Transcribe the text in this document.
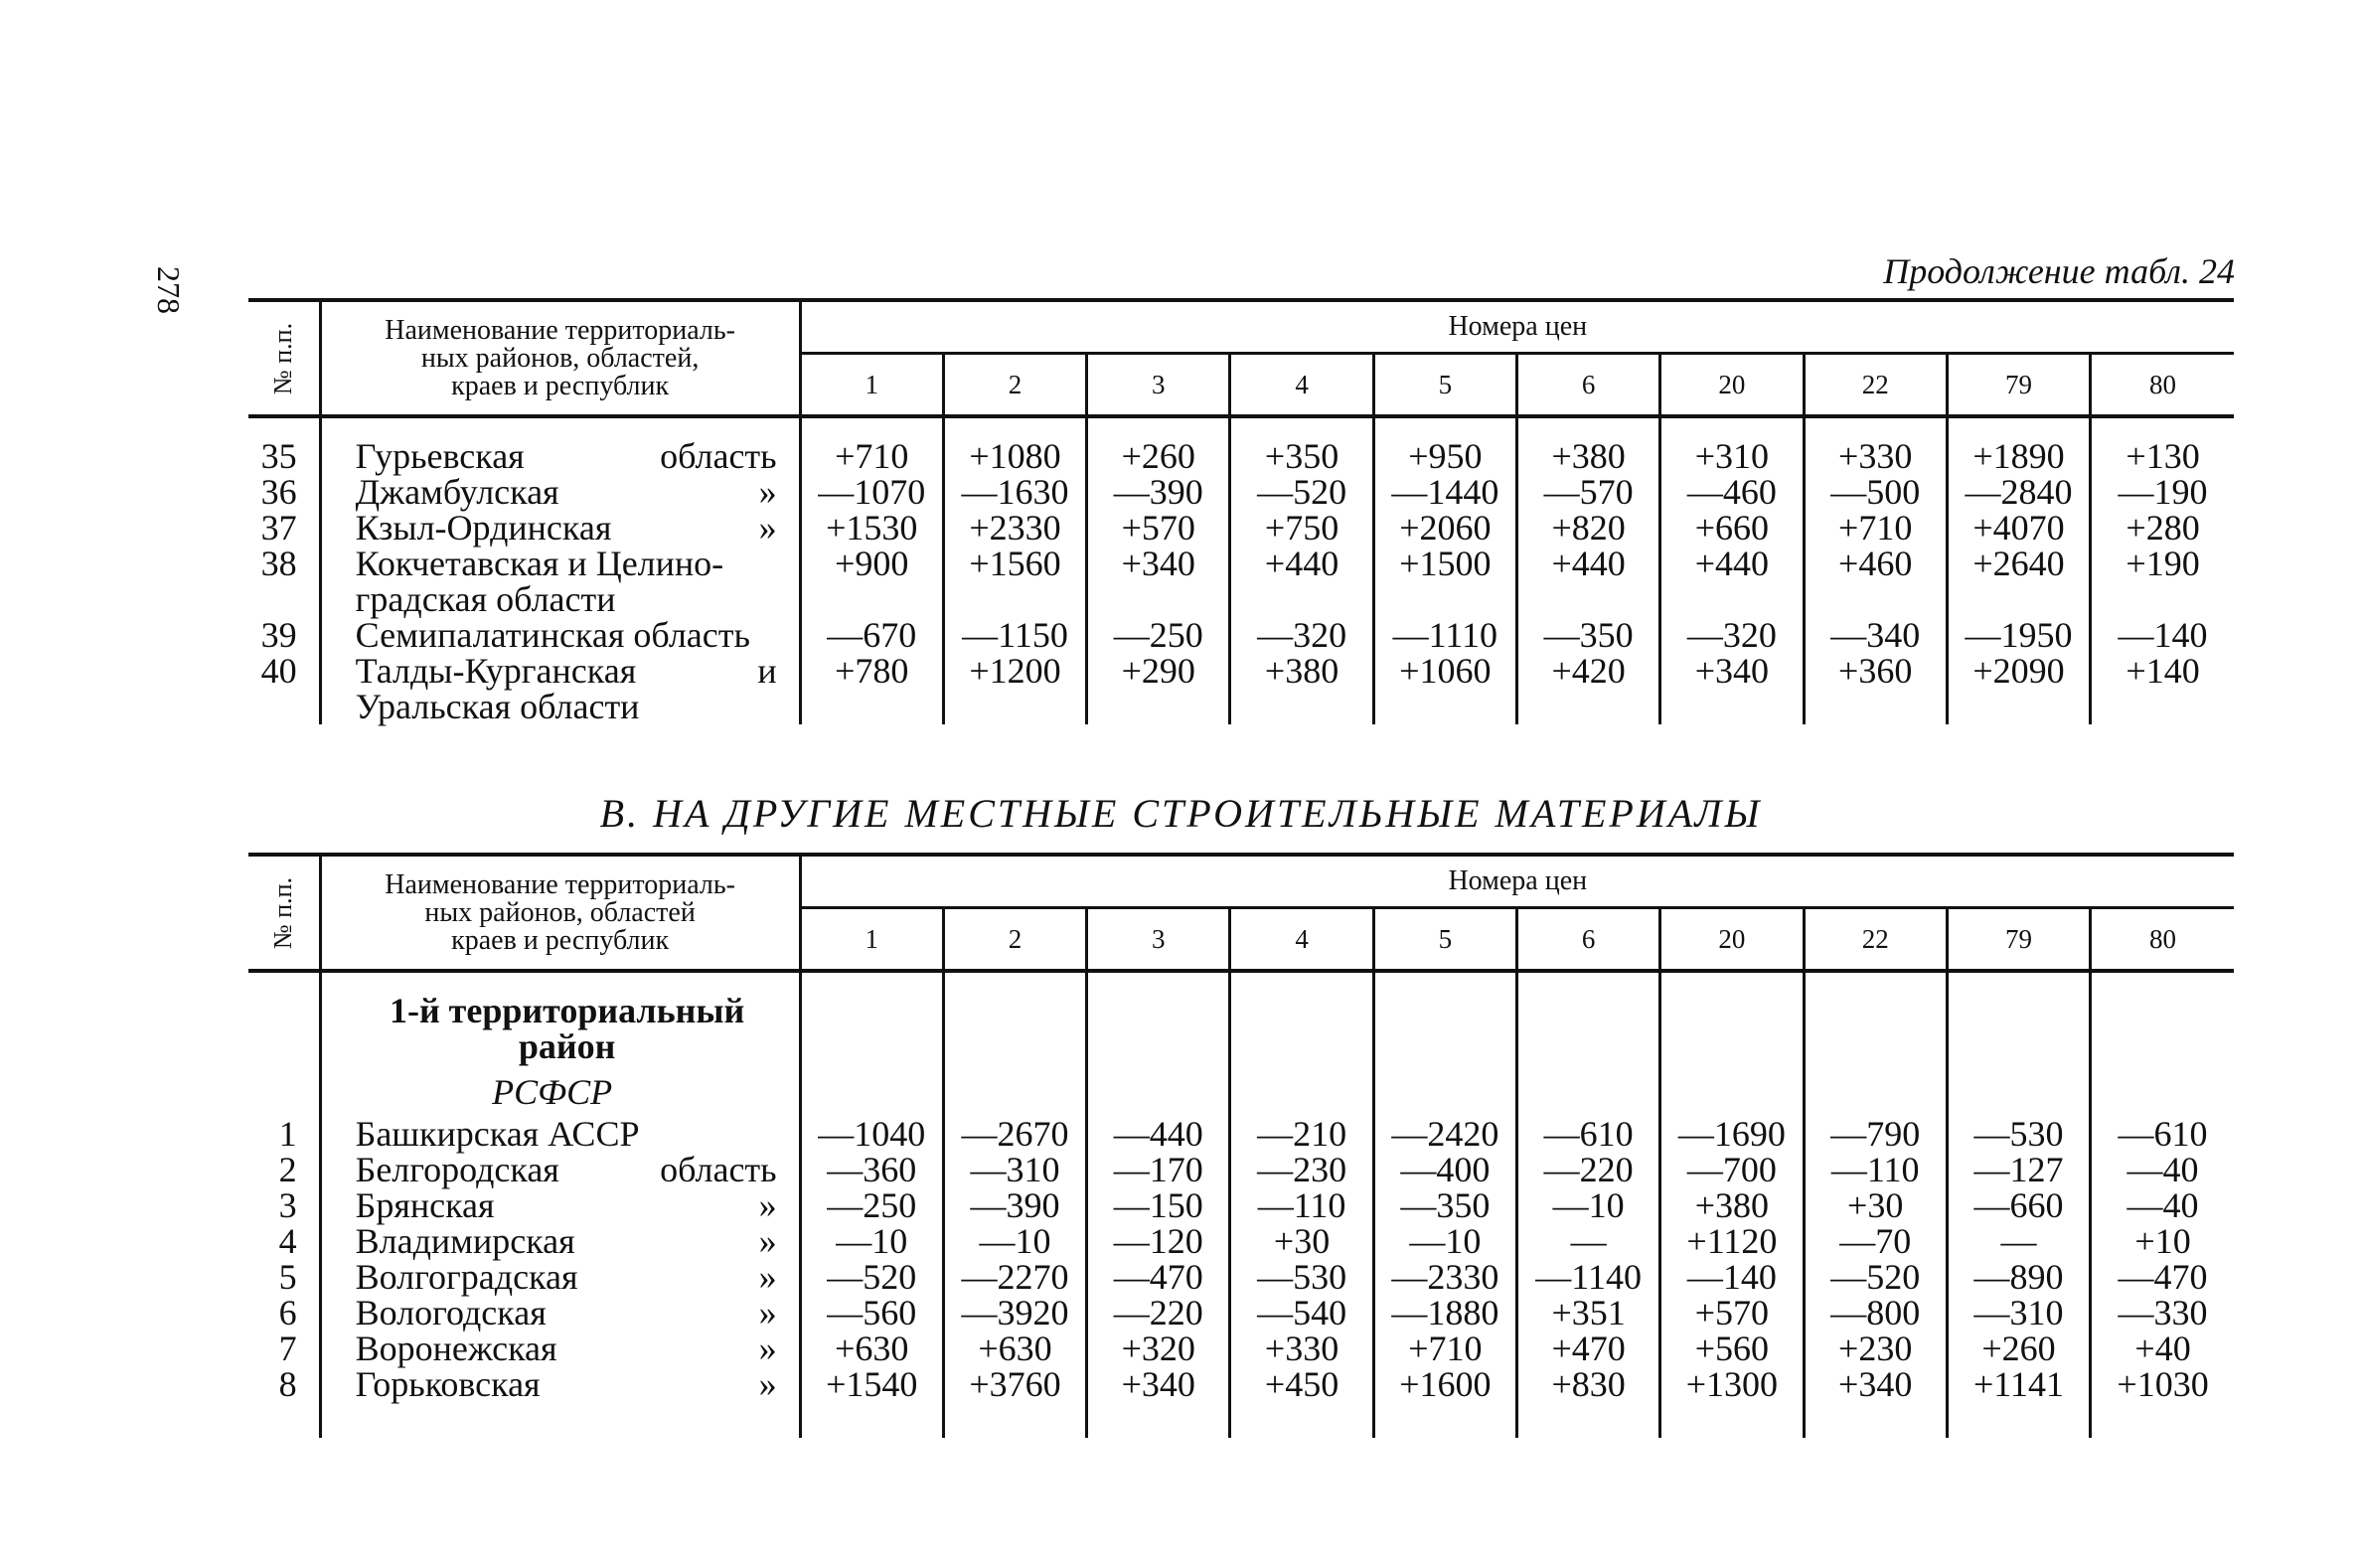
278	Продолжение табл. 24
№ п.п.	Наименование территориаль-
ных районов, областей,
краев и республик	Номера цен									
		1	2	3	4	5	6	20	22	79	80

35	Гурьевская область	+710	+1080	+260	+350	+950	+380	+310	+330	+1890	+130
36	Джамбулская »	—1070	—1630	—390	—520	—1440	—570	—460	—500	—2840	—190
37	Кзыл-Ординская »	+1530	+2330	+570	+750	+2060	+820	+660	+710	+4070	+280
38	Кокчетавская и Целино-	+900	+1560	+340	+440	+1500	+440	+440	+460	+2640	+190
	градская области										
39	Семипалатинская область	—670	—1150	—250	—320	—1110	—350	—320	—340	—1950	—140
40	Талды-Курганская и	+780	+1200	+290	+380	+1060	+420	+340	+360	+2090	+140
	Уральская области										
В. НА ДРУГИЕ МЕСТНЫЕ СТРОИТЕЛЬНЫЕ МАТЕРИАЛЫ
№ п.п.	Наименование территориаль-
ных районов, областей
краев и республик	Номера цен									
		1	2	3	4	5	6	20	22	79	80

	1-й территориальный
район
РСФСР										

1	Башкирская АССР	—1040	—2670	—440	—210	—2420	—610	—1690	—790	—530	—610
2	Белгородская область	—360	—310	—170	—230	—400	—220	—700	—110	—127	—40
3	Брянская »	—250	—390	—150	—110	—350	—10	+380	+30	—660	—40
4	Владимирская »	—10	—10	—120	+30	—10	—	+1120	—70	—	+10
5	Волгоградская »	—520	—2270	—470	—530	—2330	—1140	—140	—520	—890	—470
6	Вологодская »	—560	—3920	—220	—540	—1880	+351	+570	—800	—310	—330
7	Воронежская »	+630	+630	+320	+330	+710	+470	+560	+230	+260	+40
8	Горьковская »	+1540	+3760	+340	+450	+1600	+830	+1300	+340	+1141	+1030
